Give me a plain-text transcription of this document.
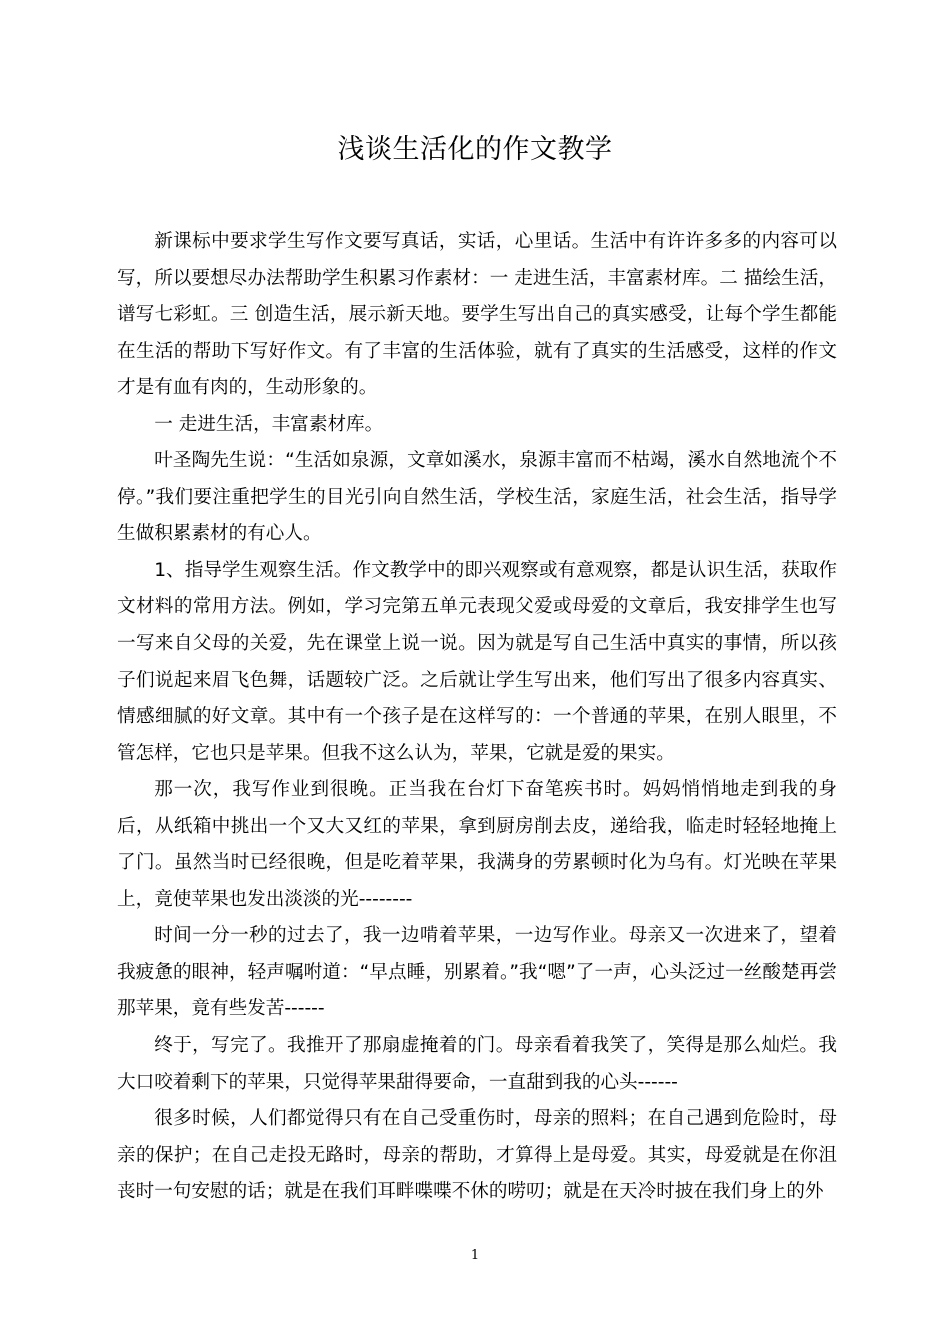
浅谈生活化的作文教学

新课标中要求学生写作文要写真话，实话，心里话。生活中有许许多多的内容可以写，所以要想尽办法帮助学生积累习作素材：一 走进生活，丰富素材库。二 描绘生活，谱写七彩虹。三 创造生活，展示新天地。要学生写出自己的真实感受，让每个学生都能在生活的帮助下写好作文。有了丰富的生活体验，就有了真实的生活感受，这样的作文才是有血有肉的，生动形象的。

一 走进生活，丰富素材库。

叶圣陶先生说：“生活如泉源，文章如溪水，泉源丰富而不枯竭，溪水自然地流个不停。”我们要注重把学生的目光引向自然生活，学校生活，家庭生活，社会生活，指导学生做积累素材的有心人。

1、指导学生观察生活。作文教学中的即兴观察或有意观察，都是认识生活，获取作文材料的常用方法。例如，学习完第五单元表现父爱或母爱的文章后，我安排学生也写一写来自父母的关爱，先在课堂上说一说。因为就是写自己生活中真实的事情，所以孩子们说起来眉飞色舞，话题较广泛。之后就让学生写出来，他们写出了很多内容真实、情感细腻的好文章。其中有一个孩子是在这样写的：一个普通的苹果，在别人眼里，不管怎样，它也只是苹果。但我不这么认为，苹果，它就是爱的果实。

那一次，我写作业到很晚。正当我在台灯下奋笔疾书时。妈妈悄悄地走到我的身后，从纸箱中挑出一个又大又红的苹果，拿到厨房削去皮，递给我，临走时轻轻地掩上了门。虽然当时已经很晚，但是吃着苹果，我满身的劳累顿时化为乌有。灯光映在苹果上，竟使苹果也发出淡淡的光--------

时间一分一秒的过去了，我一边啃着苹果，一边写作业。母亲又一次进来了，望着我疲惫的眼神，轻声嘱咐道：“早点睡，别累着。”我“嗯”了一声，心头泛过一丝酸楚再尝那苹果，竟有些发苦------

终于，写完了。我推开了那扇虚掩着的门。母亲看着我笑了，笑得是那么灿烂。我大口咬着剩下的苹果，只觉得苹果甜得要命，一直甜到我的心头------

很多时候，人们都觉得只有在自己受重伤时，母亲的照料；在自己遇到危险时，母亲的保护；在自己走投无路时，母亲的帮助，才算得上是母爱。其实，母爱就是在你沮丧时一句安慰的话；就是在我们耳畔喋喋不休的唠叨；就是在天冷时披在我们身上的外

1
